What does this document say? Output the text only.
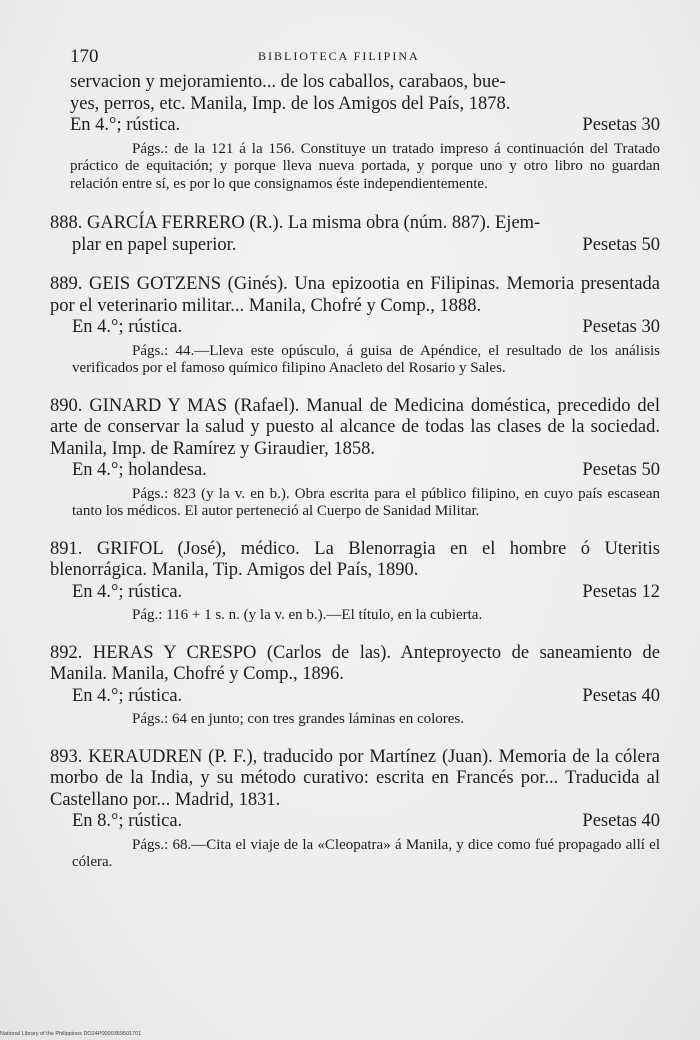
170	BIBLIOTECA FILIPINA

servacion y mejoramiento... de los caballos, carabaos, bue-

yes, perros, etc. Manila, Imp. de los Amigos del País, 1878.

En 4.°; rústica.	Pesetas 30

Págs.: de la 121 á la 156. Constituye un tratado impreso á continuación del Tratado práctico de equitación; y porque lleva nueva portada, y porque uno y otro libro no guardan relación entre sí, es por lo que consignamos éste independientemente.

888. GARCÍA FERRERO (R.). La misma obra (núm. 887). Ejem-

plar en papel superior.	Pesetas 50

889. GEIS GOTZENS (Ginés). Una epizootia en Filipinas. Memoria presentada por el veterinario militar... Manila, Chofré y Comp., 1888.

En 4.°; rústica.	Pesetas 30

Págs.: 44.—Lleva este opúsculo, á guisa de Apéndice, el resultado de los análisis verificados por el famoso químico filipino Anacleto del Rosario y Sales.

890. GINARD Y MAS (Rafael). Manual de Medicina doméstica, precedido del arte de conservar la salud y puesto al alcance de todas las clases de la sociedad. Manila, Imp. de Ramírez y Giraudier, 1858.

En 4.°; holandesa.	Pesetas 50

Págs.: 823 (y la v. en b.). Obra escrita para el público filipino, en cuyo país escasean tanto los médicos. El autor perteneció al Cuerpo de Sanidad Militar.

891. GRIFOL (José), médico. La Blenorragia en el hombre ó Uteritis blenorrágica. Manila, Tip. Amigos del País, 1890.

En 4.°; rústica.	Pesetas 12

Pág.: 116 + 1 s. n. (y la v. en b.).—El título, en la cubierta.

892. HERAS Y CRESPO (Carlos de las). Anteproyecto de saneamiento de Manila. Manila, Chofré y Comp., 1896.

En 4.°; rústica.	Pesetas 40

Págs.: 64 en junto; con tres grandes láminas en colores.

893. KERAUDREN (P. F.), traducido por Martínez (Juan). Memoria de la cólera morbo de la India, y su método curativo: escrita en Francés por... Traducida al Castellano por... Madrid, 1831.

En 8.°; rústica.	Pesetas 40

Págs.: 68.—Cita el viaje de la «Cleopatra» á Manila, y dice como fué propagado allí el cólera.

National Library of the Philippines DO24P0000359501701
